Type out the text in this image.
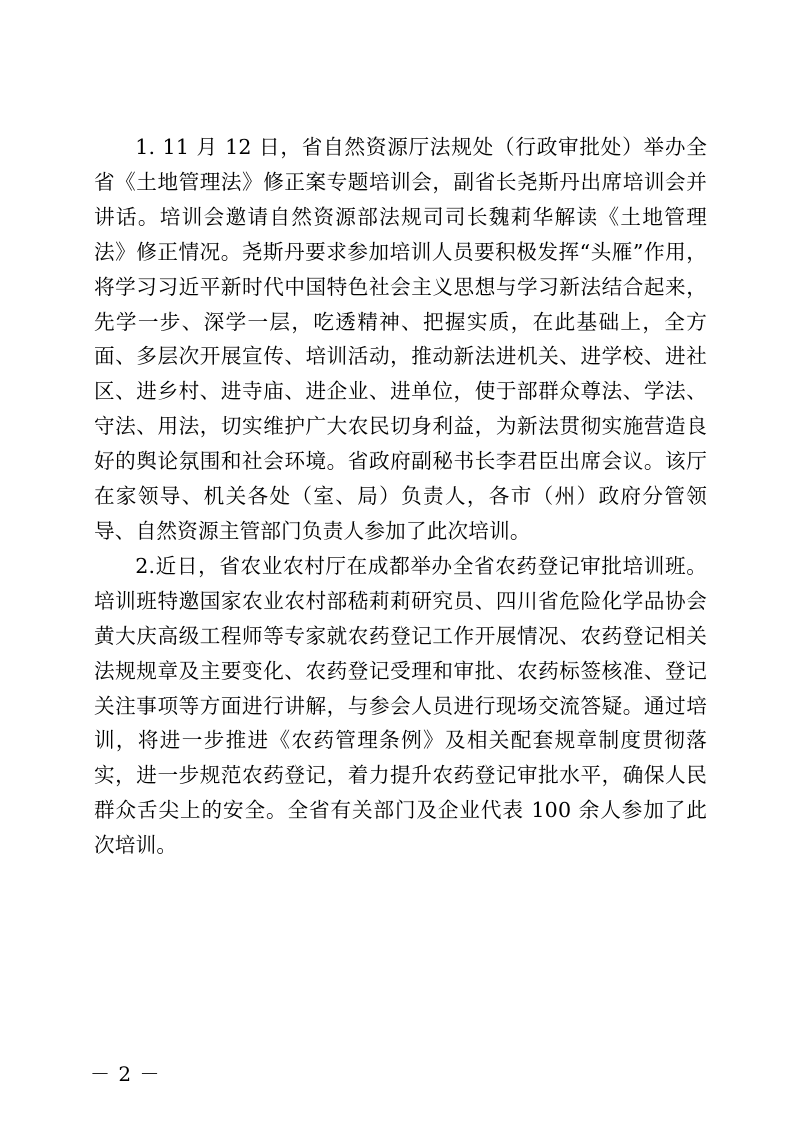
1. 11 月 12 日，省自然资源厅法规处（行政审批处）举办全省《土地管理法》修正案专题培训会，副省长尧斯丹出席培训会并讲话。培训会邀请自然资源部法规司司长魏莉华解读《土地管理法》修正情况。尧斯丹要求参加培训人员要积极发挥“头雁”作用，将学习习近平新时代中国特色社会主义思想与学习新法结合起来，先学一步、深学一层，吃透精神、把握实质，在此基础上，全方面、多层次开展宣传、培训活动，推动新法进机关、进学校、进社区、进乡村、进寺庙、进企业、进单位，使于部群众尊法、学法、守法、用法，切实维护广大农民切身利益，为新法贯彻实施营造良好的舆论氛围和社会环境。省政府副秘书长李君臣出席会议。该厅在家领导、机关各处（室、局）负责人，各市（州）政府分管领导、自然资源主管部门负责人参加了此次培训。

2.近日，省农业农村厅在成都举办全省农药登记审批培训班。培训班特邀国家农业农村部嵇莉莉研究员、四川省危险化学品协会黄大庆高级工程师等专家就农药登记工作开展情况、农药登记相关法规规章及主要变化、农药登记受理和审批、农药标签核准、登记关注事项等方面进行讲解，与参会人员进行现场交流答疑。通过培训，将进一步推进《农药管理条例》及相关配套规章制度贯彻落实，进一步规范农药登记，着力提升农药登记审批水平，确保人民群众舌尖上的安全。全省有关部门及企业代表 100 余人参加了此次培训。

－ 2 －
